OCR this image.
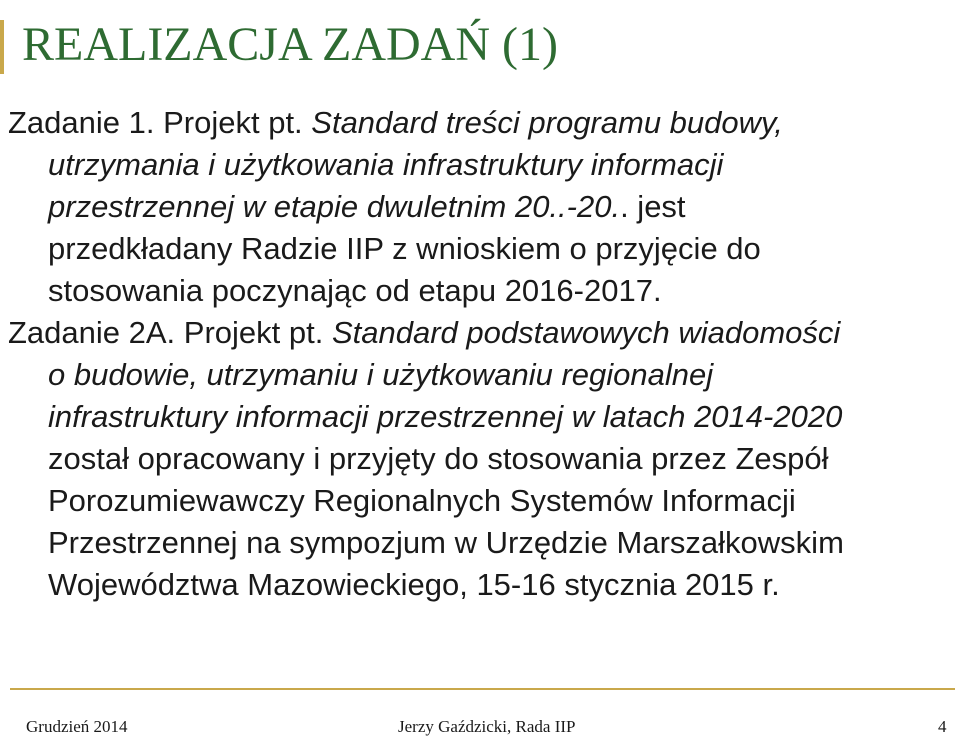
REALIZACJA ZADAŃ (1)

Zadanie 1. Projekt pt. Standard treści programu budowy,
utrzymania i użytkowania infrastruktury informacji
przestrzennej w etapie dwuletnim 20..-20.. jest
przedkładany Radzie IIP z wnioskiem o przyjęcie do
stosowania poczynając od etapu 2016-2017.

Zadanie 2A. Projekt pt. Standard podstawowych wiadomości
o budowie, utrzymaniu i użytkowaniu regionalnej
infrastruktury informacji przestrzennej w latach 2014-2020
został opracowany i przyjęty do stosowania przez Zespół
Porozumiewawczy Regionalnych Systemów Informacji
Przestrzennej na sympozjum w Urzędzie Marszałkowskim
Województwa Mazowieckiego, 15-16 stycznia 2015 r.

Grudzień 2014	Jerzy Gaździcki, Rada IIP	4
